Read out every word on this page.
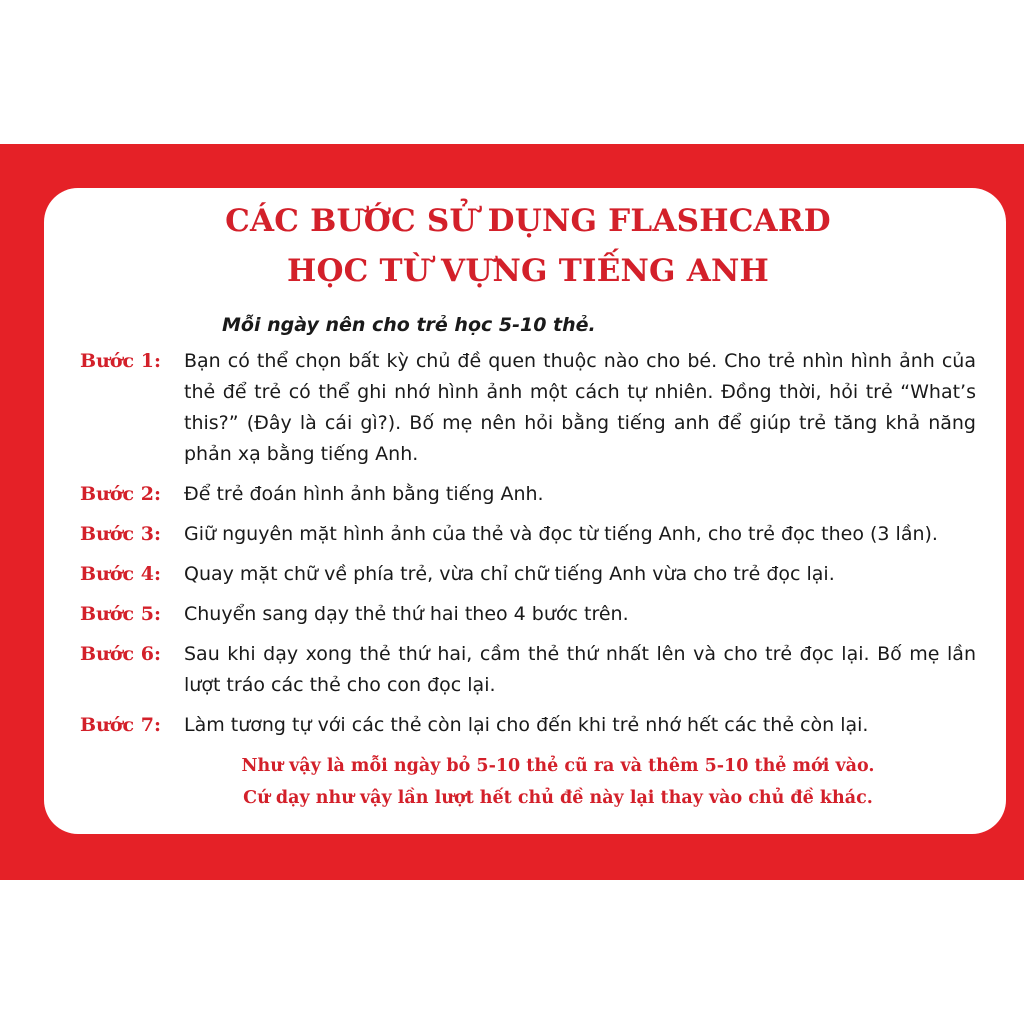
CÁC BƯỚC SỬ DỤNG FLASHCARD
HỌC TỪ VỰNG TIẾNG ANH
Mỗi ngày nên cho trẻ học 5-10 thẻ.
Bước 1:	Bạn có thể chọn bất kỳ chủ đề quen thuộc nào cho bé. Cho trẻ nhìn hình ảnh của thẻ để trẻ có thể ghi nhớ hình ảnh một cách tự nhiên. Đồng thời, hỏi trẻ “What’s this?” (Đây là cái gì?). Bố mẹ nên hỏi bằng tiếng anh để giúp trẻ tăng khả năng phản xạ bằng tiếng Anh.
Bước 2:	Để trẻ đoán hình ảnh bằng tiếng Anh.
Bước 3:	Giữ nguyên mặt hình ảnh của thẻ và đọc từ tiếng Anh, cho trẻ đọc theo (3 lần).
Bước 4:	Quay mặt chữ về phía trẻ, vừa chỉ chữ tiếng Anh vừa cho trẻ đọc lại.
Bước 5:	Chuyển sang dạy thẻ thứ hai theo 4 bước trên.
Bước 6:	Sau khi dạy xong thẻ thứ hai, cầm thẻ thứ nhất lên và cho trẻ đọc lại. Bố mẹ lần lượt tráo các thẻ cho con đọc lại.
Bước 7:	Làm tương tự với các thẻ còn lại cho đến khi trẻ nhớ hết các thẻ còn lại.
Như vậy là mỗi ngày bỏ 5-10 thẻ cũ ra và thêm 5-10 thẻ mới vào.
Cứ dạy như vậy lần lượt hết chủ đề này lại thay vào chủ đề khác.
